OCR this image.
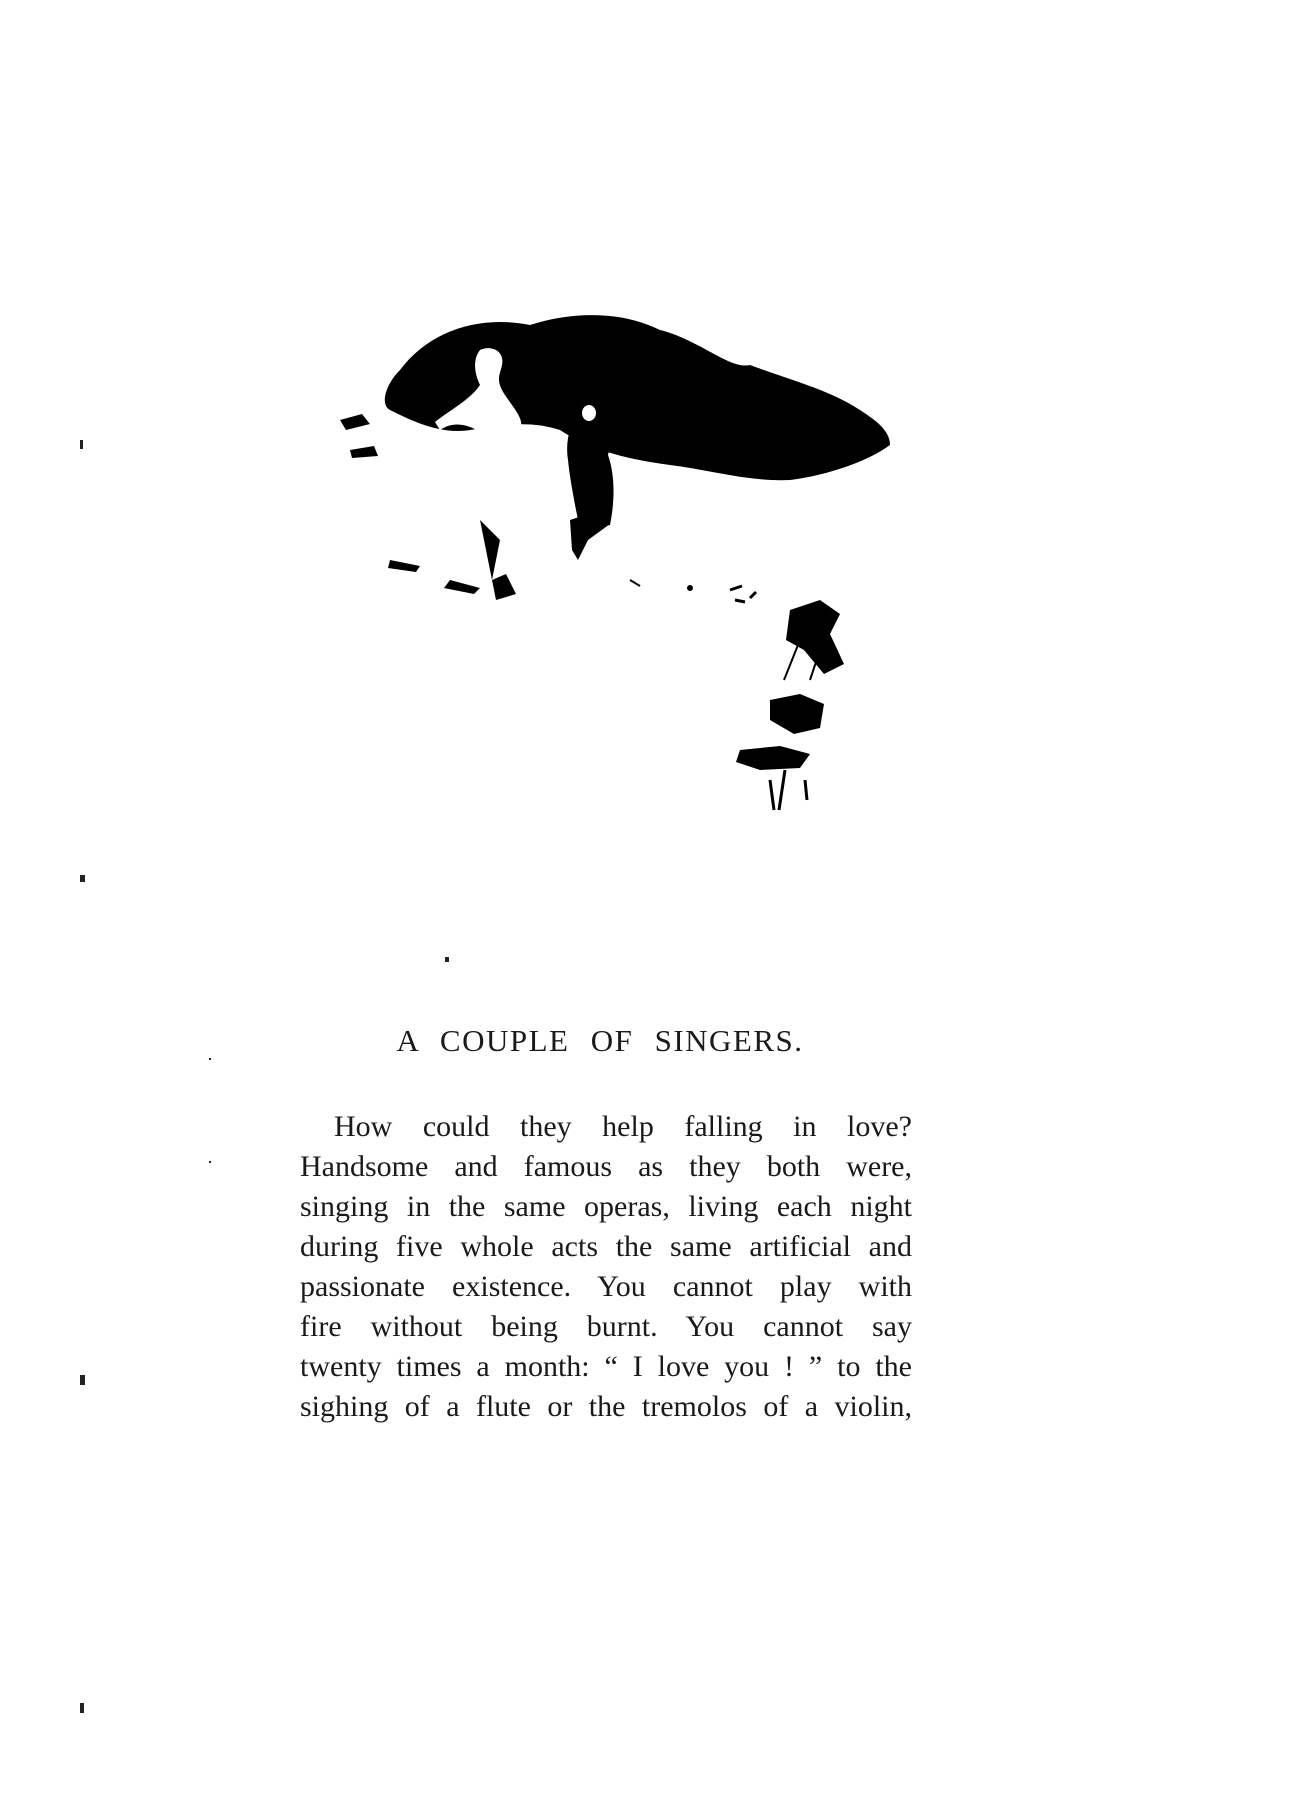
A COUPLE OF SINGERS.
How could they help falling in love?
Handsome and famous as they both were,
singing in the same operas, living each night
during five whole acts the same artificial and
passionate existence. You cannot play with
fire without being burnt. You cannot say
twenty times a month: “ I love you ! ” to the
sighing of a flute or the tremolos of a violin,
